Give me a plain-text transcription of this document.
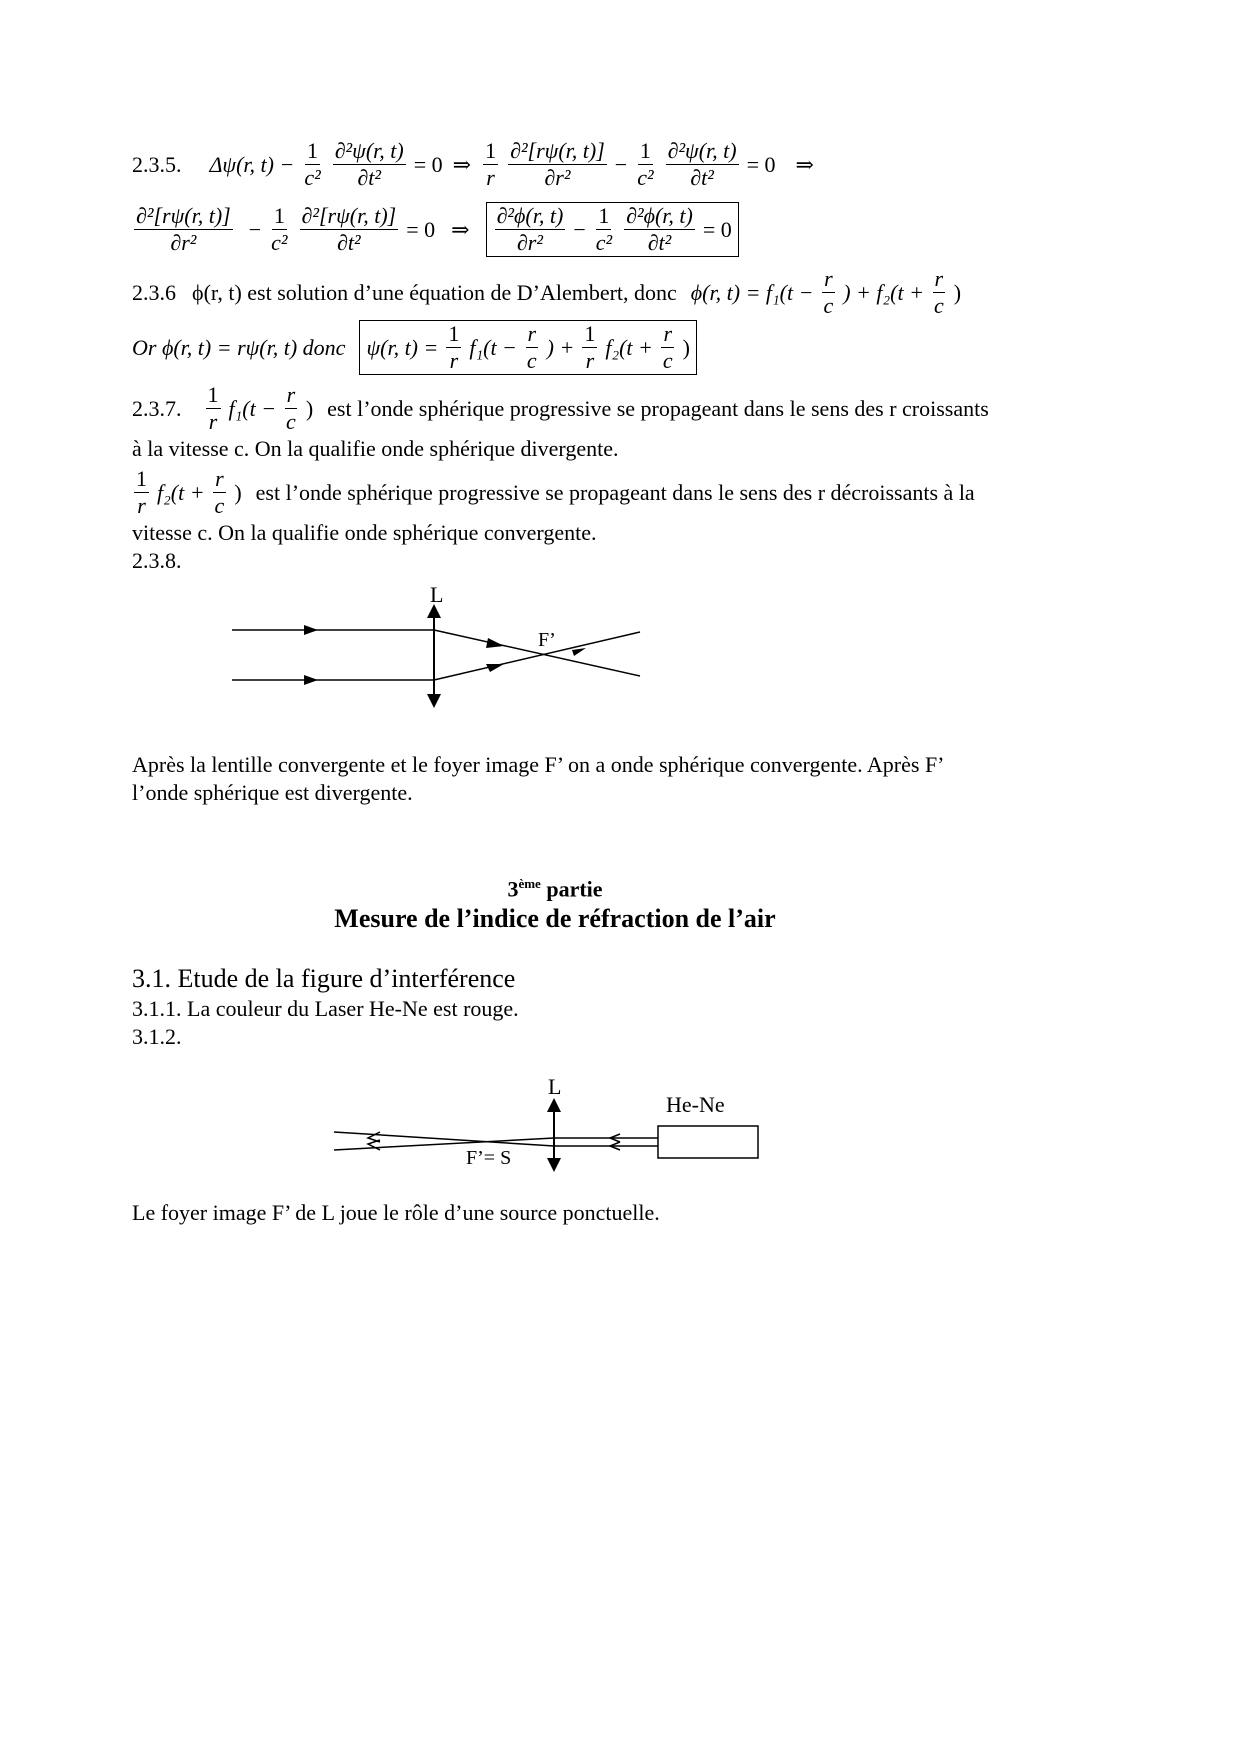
2.3.5. Δψ(r, $t) - \frac{1}{\text{c²}} \frac{\text{∂²ψ(r, t)}}{\text{∂t²}} = 0$ ⇒ $\frac{1}{r} \frac{\text{∂²[rψ(r, t)]}}{\text{∂r²}} - \frac{1}{\text{c²}} \frac{\text{∂²ψ(r, t)}}{\text{∂t²}} = 0$ ⇒
$\frac{\text{∂²[rψ(r, t)]}}{\text{∂r²}} - \frac{1}{\text{c²}} \frac{\text{∂²[rψ(r, t)]}}{\text{∂t²}} = 0$ ⇒ $\frac{\text{∂²ϕ(r, t)}}{\text{∂r²}} - \frac{1}{\text{c²}} \frac{\text{∂²ϕ(r, t)}}{\text{∂t²}} = 0$
2.3.6 ϕ(r, t) est solution d’une équation de D’Alembert, donc ϕ(r, $t) = f_1(t - \frac{r}{c}$ ) + $f_2(t + \frac{r}{c}$ )
Or ϕ(r, t) = rψ(r, t) donc ψ(r, $t) = \frac{1}{r} f_1(t - \frac{r}{c}$ ) + $\frac{1}{r} f_2(t + \frac{r}{c}$ )
2.3.7. $\frac{1}{r} f_1(t - \frac{r}{c}$ ) est l’onde sphérique progressive se propageant dans le sens des r croissants
à la vitesse c. On la qualifie onde sphérique divergente.
$\frac{1}{r} f_2(t + \frac{r}{c}$ ) est l’onde sphérique progressive se propageant dans le sens des r décroissants à la
vitesse c. On la qualifie onde sphérique convergente.
2.3.8.
L
F’
Après la lentille convergente et le foyer image F’ on a onde sphérique convergente. Après F’
l’onde sphérique est divergente.
3ème partie
Mesure de l’indice de réfraction de l’air
3.1. Etude de la figure d’interférence
3.1.1. La couleur du Laser He-Ne est rouge.
3.1.2.
L
He-Ne
F’= S
Le foyer image F’ de L joue le rôle d’une source ponctuelle.
